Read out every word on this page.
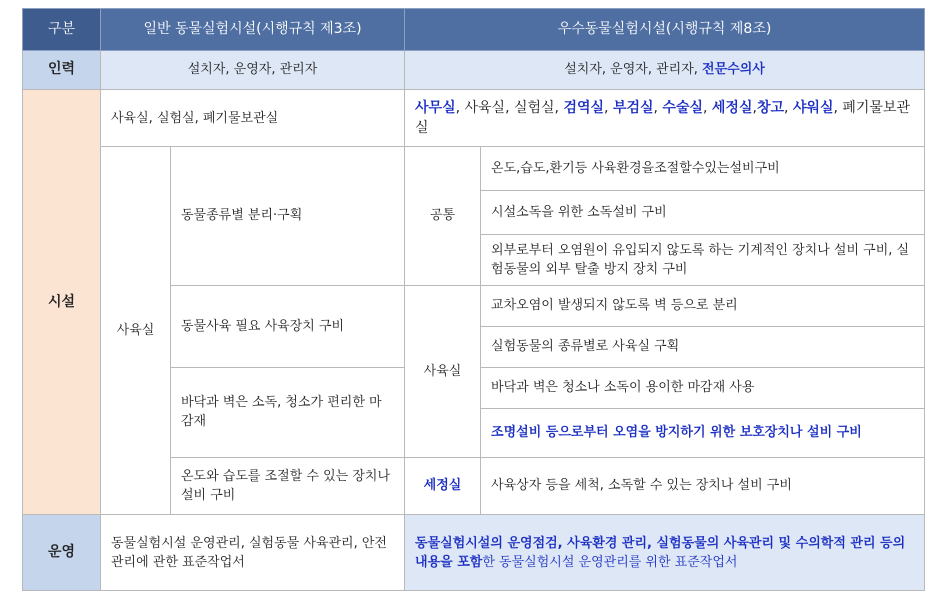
구분	일반 동물실험시설(시행규칙 제3조)		우수동물실험시설(시행규칙 제8조)	
인력	설치자, 운영자, 관리자		설치자, 운영자, 관리자, 전문수의사	
시설	사육실, 실험실, 폐기물보관실		사무실, 사육실, 실험실, 검역실, 부검실, 수술실, 세정실,창고, 샤워실, 폐기물보관실	
	사육실	동물종류별 분리·구획	공통	온도,습도,환기등 사육환경을조절할수있는설비구비
				시설소독을 위한 소독설비 구비
				외부로부터 오염원이 유입되지 않도록 하는 기계적인 장치나 설비 구비, 실험동물의 외부 탈출 방지 장치 구비
		동물사육 필요 사육장치 구비	사육실	교차오염이 발생되지 않도록 벽 등으로 분리
				실험동물의 종류별로 사육실 구획
		바닥과 벽은 소독, 청소가 편리한 마감재		바닥과 벽은 청소나 소독이 용이한 마감재 사용
				조명설비 등으로부터 오염을 방지하기 위한 보호장치나 설비 구비
		온도와 습도를 조절할 수 있는 장치나 설비 구비	세정실	사육상자 등을 세척, 소독할 수 있는 장치나 설비 구비
운영	동물실험시설 운영관리, 실험동물 사육관리, 안전관리에 관한 표준작업서		동물실험시설의 운영점검, 사육환경 관리, 실험동물의 사육관리 및 수의학적 관리 등의 내용을 포함한 동물실험시설 운영관리를 위한 표준작업서	
